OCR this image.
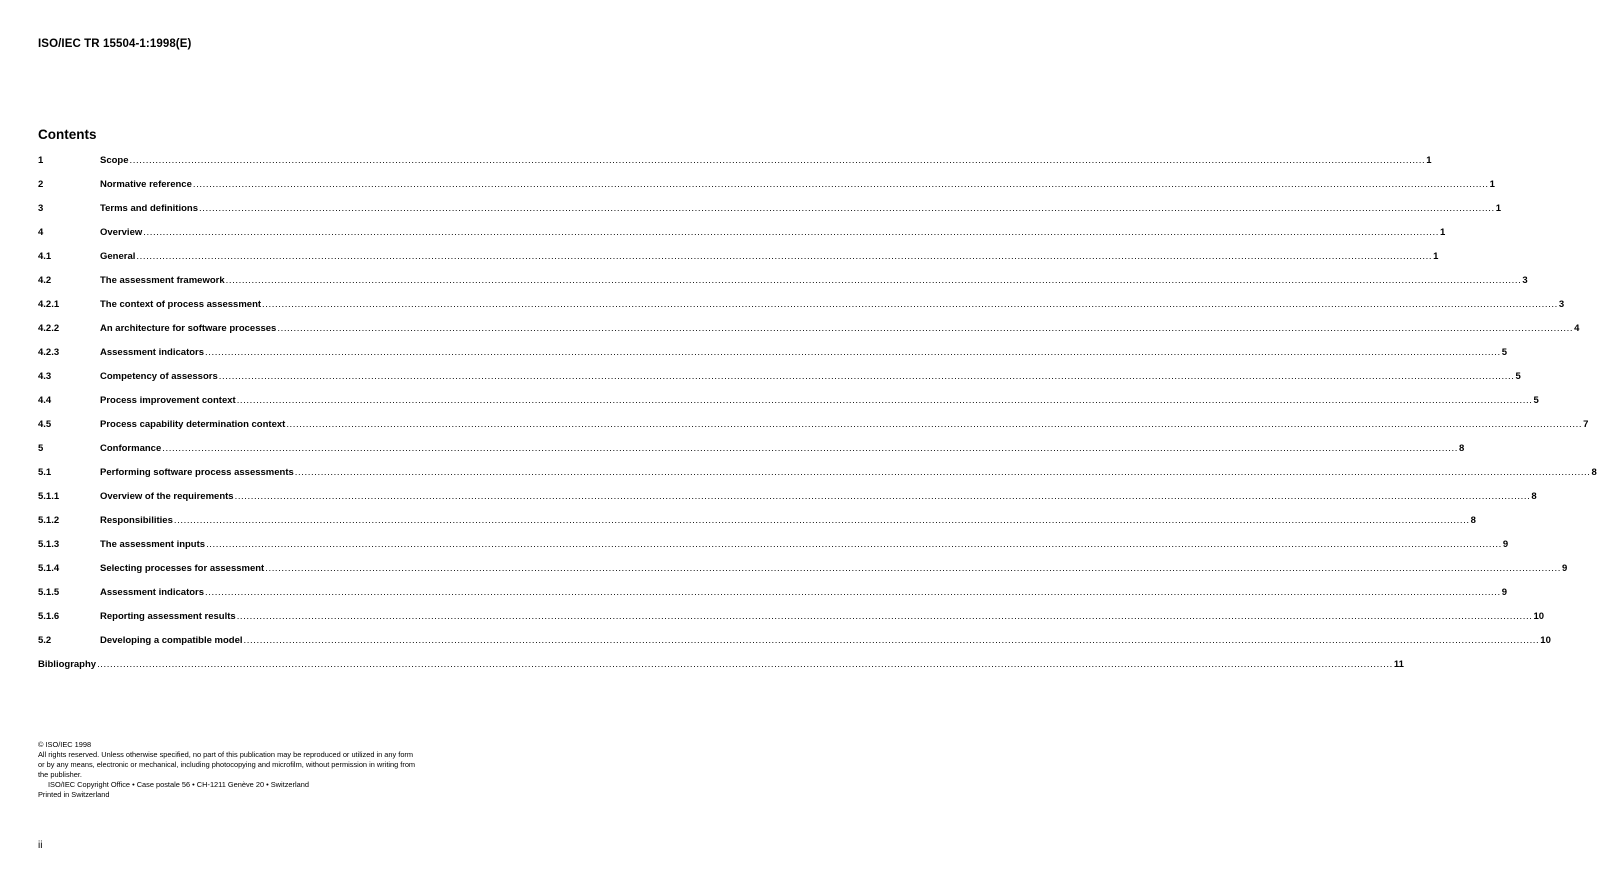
ISO/IEC TR 15504-1:1998(E)
Contents
1	Scope ................................................................................................................................................................................................................................................................................................................................................................................................................ 1
2	Normative reference ................................................................................................................................................................................................................................................................................................................................................................................................................ 1
3	Terms and definitions ................................................................................................................................................................................................................................................................................................................................................................................................................ 1
4	Overview ................................................................................................................................................................................................................................................................................................................................................................................................................ 1
4.1	General ................................................................................................................................................................................................................................................................................................................................................................................................................ 1
4.2	The assessment framework ................................................................................................................................................................................................................................................................................................................................................................................................................ 3
4.2.1	The context of process assessment ................................................................................................................................................................................................................................................................................................................................................................................................................ 3
4.2.2	An architecture for software processes ................................................................................................................................................................................................................................................................................................................................................................................................................ 4
4.2.3	Assessment indicators ................................................................................................................................................................................................................................................................................................................................................................................................................ 5
4.3	Competency of assessors ................................................................................................................................................................................................................................................................................................................................................................................................................ 5
4.4	Process improvement context ................................................................................................................................................................................................................................................................................................................................................................................................................ 5
4.5	Process capability determination context ................................................................................................................................................................................................................................................................................................................................................................................................................ 7
5	Conformance ................................................................................................................................................................................................................................................................................................................................................................................................................ 8
5.1	Performing software process assessments ................................................................................................................................................................................................................................................................................................................................................................................................................ 8
5.1.1	Overview of the requirements ................................................................................................................................................................................................................................................................................................................................................................................................................ 8
5.1.2	Responsibilities ................................................................................................................................................................................................................................................................................................................................................................................................................ 8
5.1.3	The assessment inputs ................................................................................................................................................................................................................................................................................................................................................................................................................ 9
5.1.4	Selecting processes for assessment ................................................................................................................................................................................................................................................................................................................................................................................................................ 9
5.1.5	Assessment indicators ................................................................................................................................................................................................................................................................................................................................................................................................................ 9
5.1.6	Reporting assessment results ................................................................................................................................................................................................................................................................................................................................................................................................................ 10
5.2	Developing a compatible model ................................................................................................................................................................................................................................................................................................................................................................................................................ 10
Bibliography ................................................................................................................................................................................................................................................................................................................................................................................................................ 11

© ISO/IEC 1998

All rights reserved. Unless otherwise specified, no part of this publication may be reproduced or utilized in any form or by any means, electronic or mechanical, including photocopying and microfilm, without permission in writing from the publisher.

ISO/IEC Copyright Office • Case postale 56 • CH-1211 Genève 20 • Switzerland

Printed in Switzerland

ii
